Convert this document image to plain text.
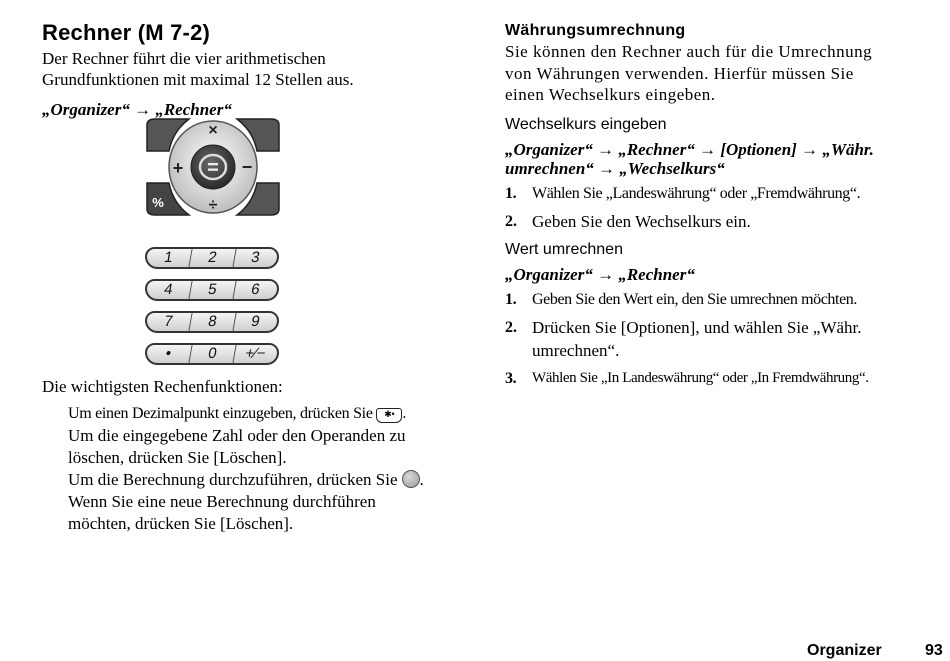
Rechner (M 7-2)

Der Rechner führt die vier arithmetischen

Grundfunktionen mit maximal 12 Stellen aus.

„Organizer“ → „Rechner“

=
×
+	−
÷
%
1	2	3
4	5	6
7	8	9
•	0	+⁄−

Die wichtigsten Rechenfunktionen:

Um einen Dezimalpunkt einzugeben, drücken Sie ✱• .
Um die eingegebene Zahl oder den Operanden zu
löschen, drücken Sie [Löschen].
Um die Berechnung durchzuführen, drücken Sie .
Wenn Sie eine neue Berechnung durchführen
möchten, drücken Sie [Löschen].
Währungsumrechnung

Sie können den Rechner auch für die Umrechnung

von Währungen verwenden. Hierfür müssen Sie

einen Wechselkurs eingeben.

Wechselkurs eingeben

„Organizer“ → „Rechner“ → [Optionen] → „Währ.

umrechnen“ → „Wechselkurs“

1. Wählen Sie „Landeswährung“ oder „Fremdwährung“.
2. Geben Sie den Wechselkurs ein.
Wert umrechnen

„Organizer“ → „Rechner“

1. Geben Sie den Wert ein, den Sie umrechnen möchten.
2. Drücken Sie [Optionen], und wählen Sie „Währ. umrechnen“.
3. Wählen Sie „In Landeswährung“ oder „In Fremdwährung“.
Organizer	93
